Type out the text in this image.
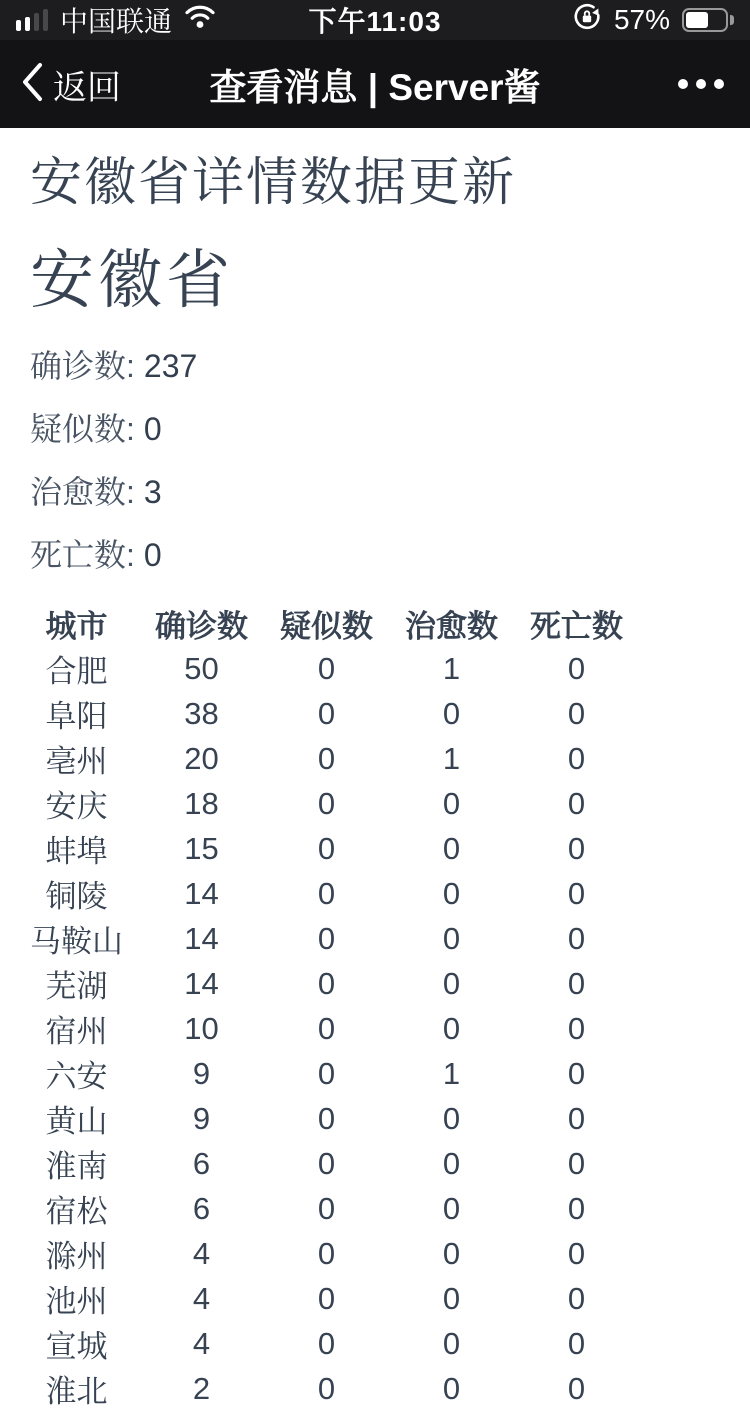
中国联通	下午11:03	57%
返回 查看消息 | Server酱
安徽省详情数据更新
安徽省

确诊数: 237

疑似数: 0

治愈数: 3

死亡数: 0

城市	确诊数	疑似数	治愈数	死亡数
合肥	50	0	1	0
阜阳	38	0	0	0
亳州	20	0	1	0
安庆	18	0	0	0
蚌埠	15	0	0	0
铜陵	14	0	0	0
马鞍山	14	0	0	0
芜湖	14	0	0	0
宿州	10	0	0	0
六安	9	0	1	0
黄山	9	0	0	0
淮南	6	0	0	0
宿松	6	0	0	0
滁州	4	0	0	0
池州	4	0	0	0
宣城	4	0	0	0
淮北	2	0	0	0
